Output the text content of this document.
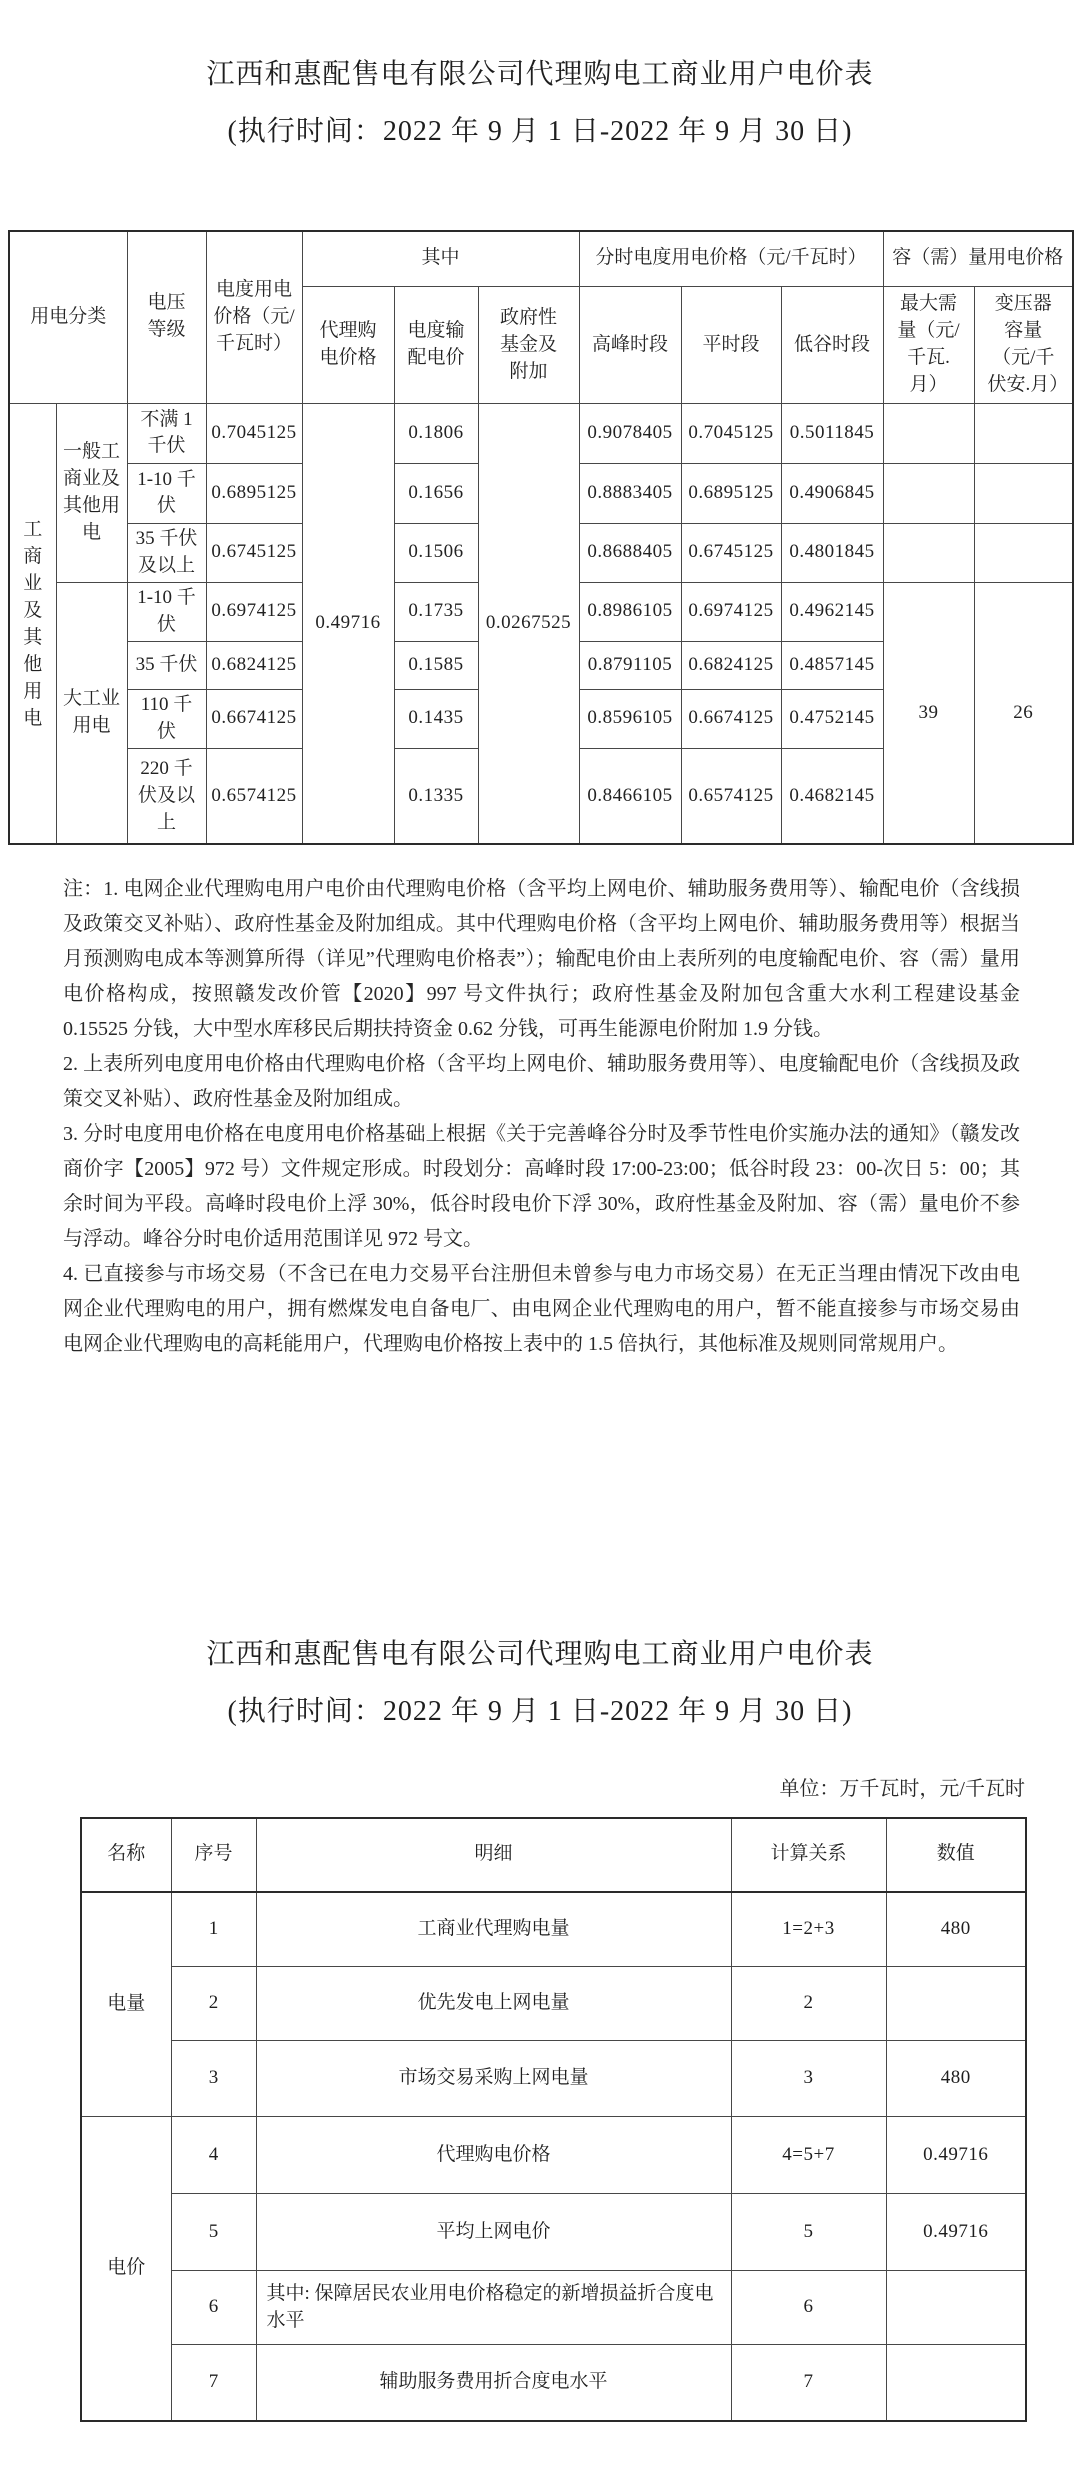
江西和惠配售电有限公司代理购电工商业用户电价表
(执行时间：2022 年 9 月 1 日-2022 年 9 月 30 日)
用电分类		电压等级	电度用电价格（元/千瓦时）	其中			分时电度用电价格（元/千瓦时）			容（需）量用电价格	
				代理购电价格	电度输配电价	政府性基金及附加	高峰时段	平时段	低谷时段	最大需量（元/千瓦.月）	变压器容量（元/千伏安.月）
工商业及其他用电	一般工商业及其他用电	不满 1 千伏	0.7045125	0.49716	0.1806	0.0267525	0.9078405	0.7045125	0.5011845		
		1-10 千伏	0.6895125		0.1656		0.8883405	0.6895125	0.4906845		
		35 千伏及以上	0.6745125		0.1506		0.8688405	0.6745125	0.4801845		
	大工业用电	1-10 千伏	0.6974125		0.1735		0.8986105	0.6974125	0.4962145	39	26
		35 千伏	0.6824125		0.1585		0.8791105	0.6824125	0.4857145		
		110 千伏	0.6674125		0.1435		0.8596105	0.6674125	0.4752145		
		220 千伏及以上	0.6574125		0.1335		0.8466105	0.6574125	0.4682145		

注：1. 电网企业代理购电用户电价由代理购电价格（含平均上网电价、辅助服务费用等）、输配电价（含线损及政策交叉补贴）、政府性基金及附加组成。其中代理购电价格（含平均上网电价、辅助服务费用等）根据当月预测购电成本等测算所得（详见”代理购电价格表”）；输配电价由上表所列的电度输配电价、容（需）量用电价格构成，按照赣发改价管【2020】997 号文件执行；政府性基金及附加包含重大水利工程建设基金 0.15525 分钱，大中型水库移民后期扶持资金 0.62 分钱，可再生能源电价附加 1.9 分钱。

2. 上表所列电度用电价格由代理购电价格（含平均上网电价、辅助服务费用等）、电度输配电价（含线损及政策交叉补贴）、政府性基金及附加组成。

3. 分时电度用电价格在电度用电价格基础上根据《关于完善峰谷分时及季节性电价实施办法的通知》（赣发改商价字【2005】972 号）文件规定形成。时段划分：高峰时段 17:00-23:00；低谷时段 23：00-次日 5：00；其余时间为平段。高峰时段电价上浮 30%，低谷时段电价下浮 30%，政府性基金及附加、容（需）量电价不参与浮动。峰谷分时电价适用范围详见 972 号文。

4. 已直接参与市场交易（不含已在电力交易平台注册但未曾参与电力市场交易）在无正当理由情况下改由电网企业代理购电的用户，拥有燃煤发电自备电厂、由电网企业代理购电的用户，暂不能直接参与市场交易由电网企业代理购电的高耗能用户，代理购电价格按上表中的 1.5 倍执行，其他标准及规则同常规用户。

江西和惠配售电有限公司代理购电工商业用户电价表
(执行时间：2022 年 9 月 1 日-2022 年 9 月 30 日)
单位：万千瓦时，元/千瓦时
名称	序号	明细	计算关系	数值
电量	1	工商业代理购电量	1=2+3	480
	2	优先发电上网电量	2	
	3	市场交易采购上网电量	3	480
电价	4	代理购电价格	4=5+7	0.49716
	5	平均上网电价	5	0.49716
	6	其中: 保障居民农业用电价格稳定的新增损益折合度电水平	6	
	7	辅助服务费用折合度电水平	7	
